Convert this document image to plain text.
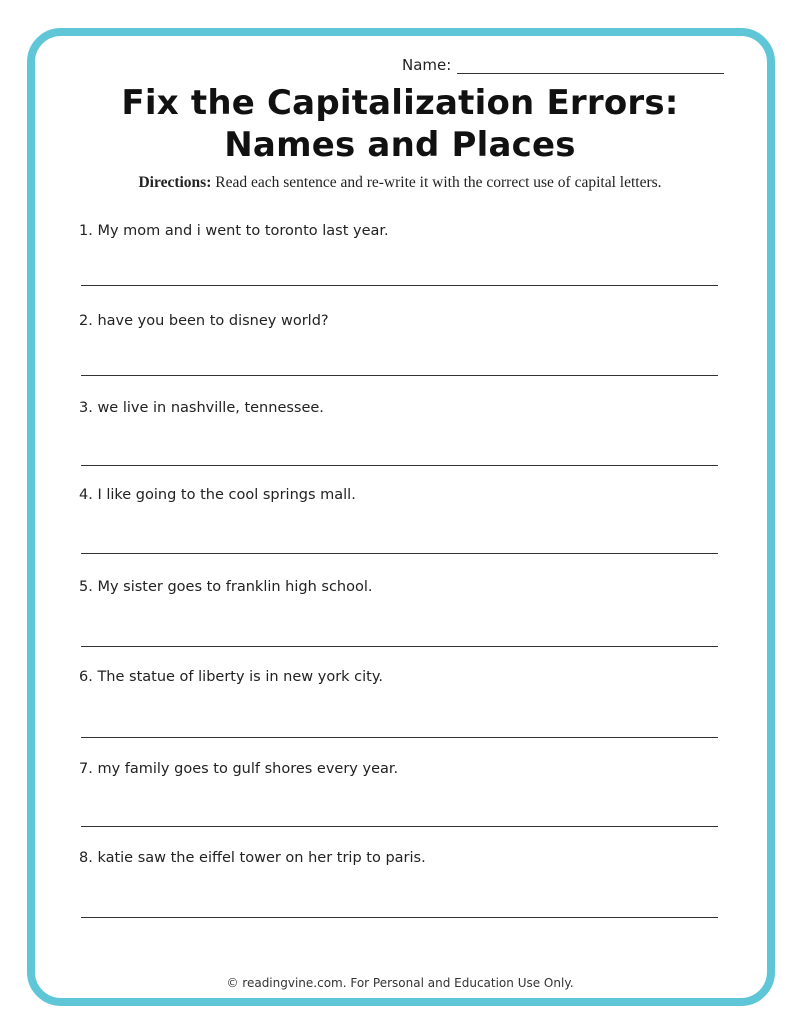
Name:
Fix the Capitalization Errors:
Names and Places
Directions: Read each sentence and re-write it with the correct use of capital letters.
1. My mom and i went to toronto last year.
2. have you been to disney world?
3. we live in nashville, tennessee.
4. I like going to the cool springs mall.
5. My sister goes to franklin high school.
6. The statue of liberty is in new york city.
7. my family goes to gulf shores every year.
8. katie saw the eiffel tower on her trip to paris.
© readingvine.com. For Personal and Education Use Only.
